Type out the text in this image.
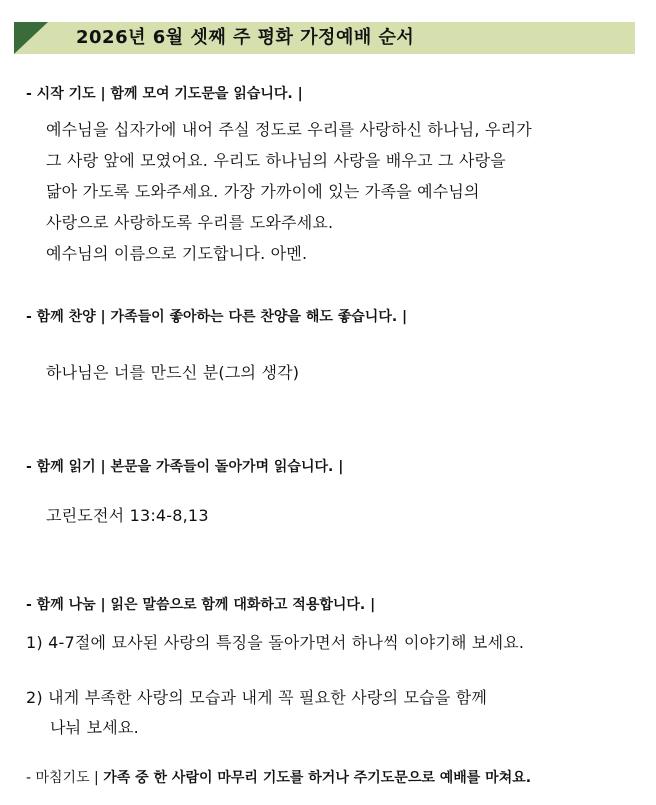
2026년 6월 셋째 주 평화 가정예배 순서
- 시작 기도 | 함께 모여 기도문을 읽습니다. |
예수님을 십자가에 내어 주실 정도로 우리를 사랑하신 하나님, 우리가
그 사랑 앞에 모였어요. 우리도 하나님의 사랑을 배우고 그 사랑을
닮아 가도록 도와주세요. 가장 가까이에 있는 가족을 예수님의
사랑으로 사랑하도록 우리를 도와주세요.
예수님의 이름으로 기도합니다. 아멘.
- 함께 찬양 | 가족들이 좋아하는 다른 찬양을 해도 좋습니다. |
하나님은 너를 만드신 분(그의 생각)
- 함께 읽기 | 본문을 가족들이 돌아가며 읽습니다. |
고린도전서 13:4-8,13
- 함께 나눔 | 읽은 말씀으로 함께 대화하고 적용합니다. |
1) 4-7절에 묘사된 사랑의 특징을 돌아가면서 하나씩 이야기해 보세요.
2) 내게 부족한 사랑의 모습과 내게 꼭 필요한 사랑의 모습을 함께
나눠 보세요.
- 마침기도 | 가족 중 한 사람이 마무리 기도를 하거나 주기도문으로 예배를 마쳐요.
